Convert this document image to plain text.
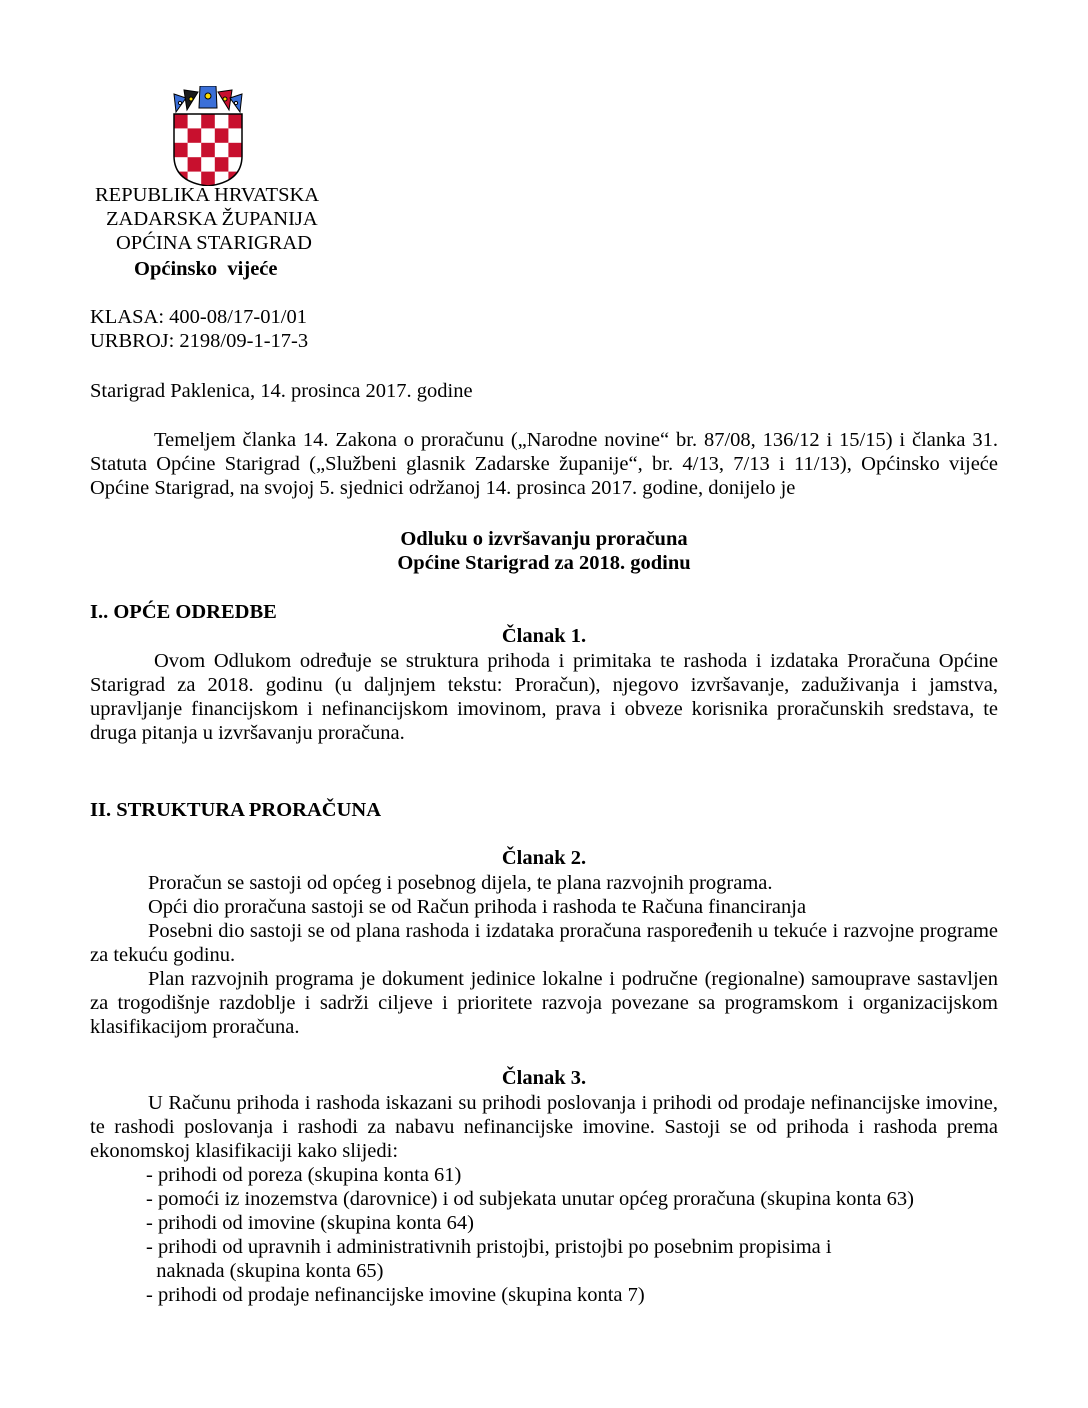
REPUBLIKA HRVATSKA
ZADARSKA ŽUPANIJA
OPĆINA STARIGRAD
Općinsko  vijeće
KLASA: 400-08/17-01/01
URBROJ: 2198/09-1-17-3
Starigrad Paklenica, 14. prosinca 2017. godine
Temeljem članka 14. Zakona o proračunu („Narodne novine“ br. 87/08, 136/12 i 15/15) i članka 31. Statuta Općine Starigrad („Službeni glasnik Zadarske županije“, br. 4/13, 7/13 i 11/13), Općinsko vijeće Općine Starigrad, na svojoj 5. sjednici održanoj 14. prosinca 2017. godine, donijelo je
Odluku o izvršavanju proračuna
Općine Starigrad za 2018. godinu
I.. OPĆE ODREDBE
Članak 1.
Ovom Odlukom određuje se struktura prihoda i primitaka te rashoda i izdataka Proračuna Općine Starigrad za 2018. godinu (u daljnjem tekstu: Proračun), njegovo izvršavanje, zaduživanja i jamstva, upravljanje financijskom i nefinancijskom imovinom, prava i obveze korisnika proračunskih sredstava, te druga pitanja u izvršavanju proračuna.
II. STRUKTURA PRORAČUNA
Članak 2.
Proračun se sastoji od općeg i posebnog dijela, te plana razvojnih programa.
Opći dio proračuna sastoji se od Račun prihoda i rashoda te Računa financiranja
Posebni dio sastoji se od plana rashoda i izdataka proračuna raspoređenih u tekuće i razvojne programe za tekuću godinu.
Plan razvojnih programa je dokument jedinice lokalne i područne (regionalne) samouprave sastavljen za trogodišnje razdoblje i sadrži ciljeve i prioritete razvoja povezane sa programskom i organizacijskom klasifikacijom proračuna.
Članak 3.
U Računu prihoda i rashoda iskazani su prihodi poslovanja i prihodi od prodaje nefinancijske imovine, te rashodi poslovanja i rashodi za nabavu nefinancijske imovine. Sastoji se od prihoda i rashoda prema ekonomskoj klasifikaciji kako slijedi:
- prihodi od poreza (skupina konta 61)
- pomoći iz inozemstva (darovnice) i od subjekata unutar općeg proračuna (skupina konta 63)
- prihodi od imovine (skupina konta 64)
- prihodi od upravnih i administrativnih pristojbi, pristojbi po posebnim propisima i
naknada (skupina konta 65)
- prihodi od prodaje nefinancijske imovine (skupina konta 7)
